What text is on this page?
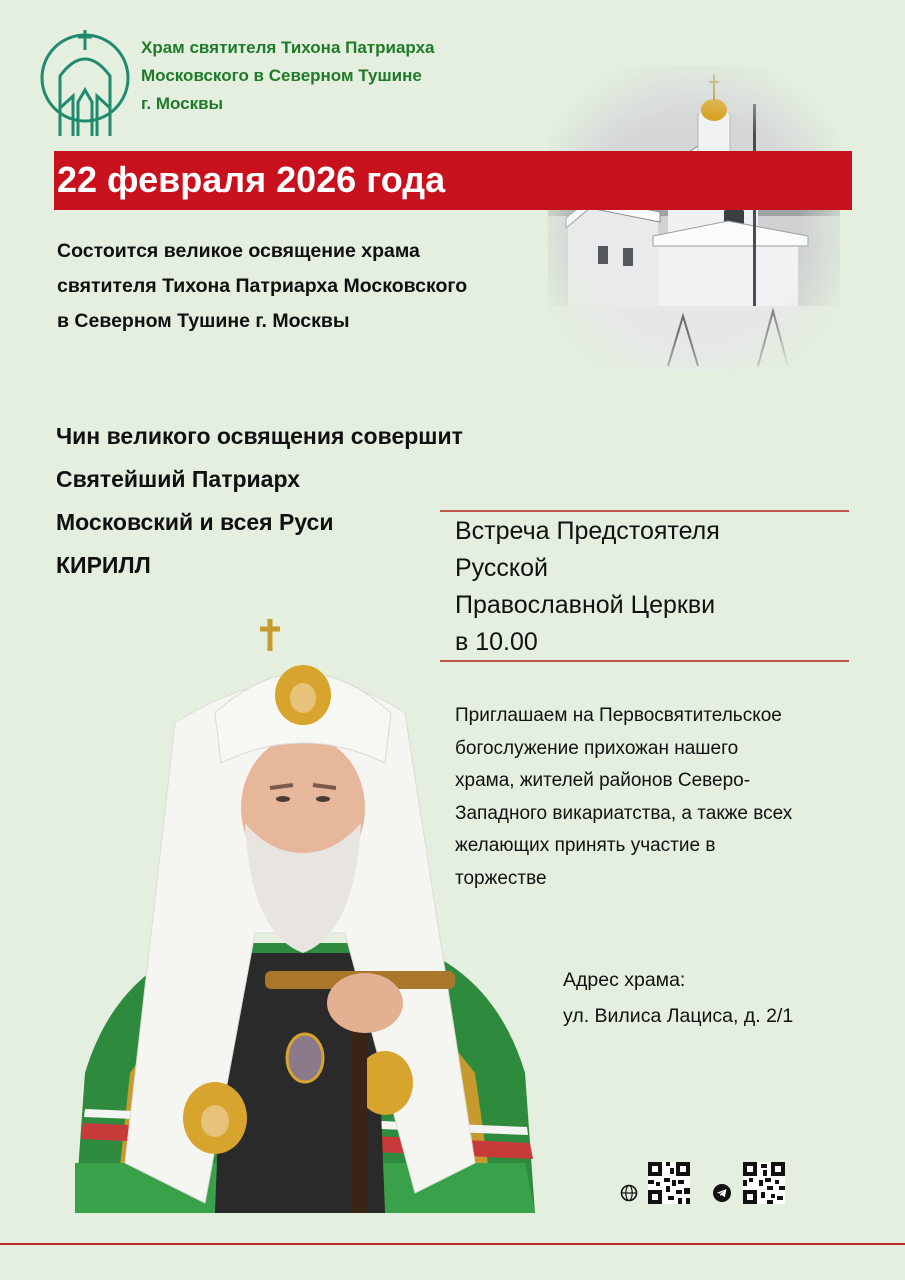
Храм святителя Тихона Патриарха
Московского в Северном Тушине
г. Москвы
22 февраля 2026 года
Состоится великое освящение храма
святителя Тихона Патриарха Московского
в Северном Тушине г. Москвы
Чин великого освящения совершит
Святейший Патриарх
Московский и всея Руси
КИРИЛЛ
Встреча Предстоятеля
Русской
Православной Церкви
в 10.00
Приглашаем на Первосвятительское
богослужение прихожан нашего
храма, жителей районов Северо-
Западного викариатства, а также всех
желающих принять участие в
торжестве
Адрес храма:
ул. Вилиса Лациса, д. 2/1
